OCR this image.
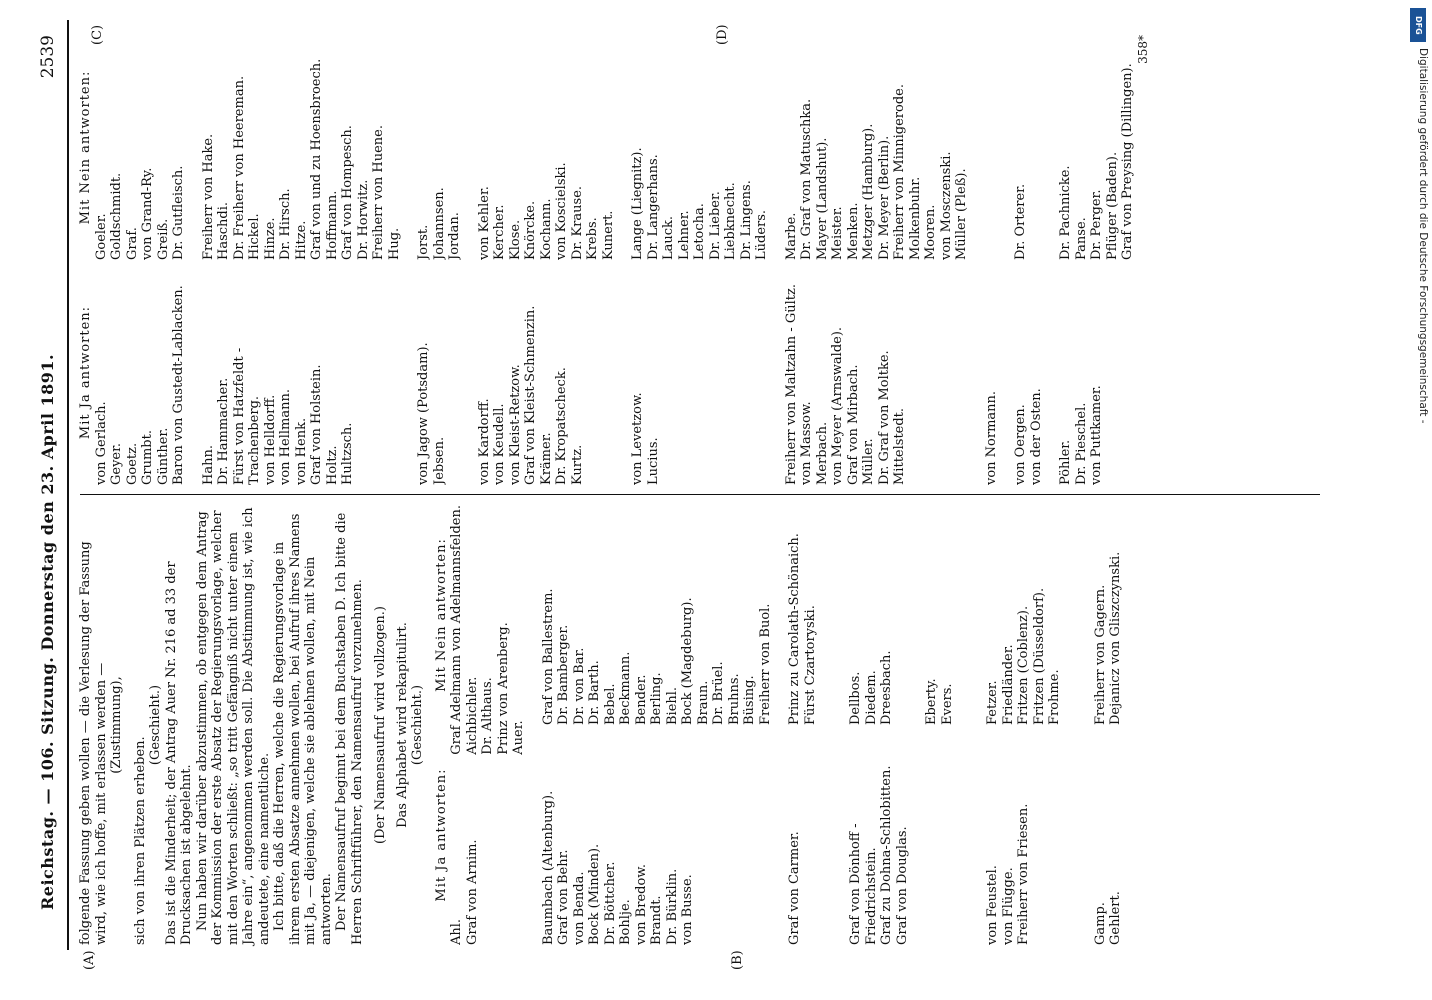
Reichstag. — 106. Sitzung. Donnerstag den 23. April 1891.
2539
(A)	(B)
(C)	(D)

folgende Fassung geben wollen — die Verlesung der Fassung wird, wie ich hoffe, mit erlassen werden — (Zustimmung),

sich von ihren Plätzen erheben.

(Geschieht.) Das ist die Minderheit; der Antrag Auer Nr. 216 ad 33 der Drucksachen ist abgelehnt. Nun haben wir darüber abzustimmen, ob entgegen dem Antrag der Kommission der erste Absatz der Regierungsvorlage, welcher mit den Worten schließt: „so tritt Gefängniß nicht unter einem Jahre ein“, angenommen werden soll. Die Abstimmung ist, wie ich andeutete, eine namentliche. Ich bitte, daß die Herren, welche die Regierungsvorlage in ihrem ersten Absatze annehmen wollen, bei Aufruf ihres Namens mit Ja, — diejenigen, welche sie ablehnen wollen, mit Nein antworten. Der Namensaufruf beginnt bei dem Buchstaben D. Ich bitte die Herren Schriftführer, den Namensaufruf vorzunehmen. (Der Namensaufruf wird vollzogen.) Das Alphabet wird rekapitulirt. (Geschieht.)

Mit Ja antworten:
Mit Nein antworten:
Ahl. Graf von Arnim.
Graf Adelmann von Adelmannsfelden. Aichbichler. Dr. Althaus. Prinz von Arenberg. Auer.
Baumbach (Altenburg). Graf von Behr. von Benda. Bock (Minden). Dr. Böttcher. Bohlje. von Bredow. Brandt. Dr. Bürklin. von Busse.
Graf von Ballestrem. Dr. Bamberger. Dr. von Bar. Dr. Barth. Bebel. Beckmann. Bender. Berling. Biehl. Bock (Magdeburg). Braun. Dr. Brüel. Bruhns. Büsing. Freiherr von Buol.
Graf von Carmer.
Prinz zu Carolath-Schönaich. Fürst Czartoryski.
Graf von Dönhoff - Friedrichstein. Graf zu Dohna-Schlobitten. Graf von Douglas.
Dellbos. Diedem. Dreesbach. Eberty. Evers.
von Feustel. von Flügge. Freiherr von Friesen.
Fetzer. Friedländer. Fritzen (Coblenz). Fritzen (Düsseldorf). Frohme.
Gamp. Gehlert.
Freiherr von Gagern. Dejanicz von Gliszczynski.
Mit Ja antworten:
Mit Nein antworten:
von Gerlach. Geyer. Goetz. Grumbt. Günther. Baron von Gustedt-Lablacken.
Goeler. Goldschmidt. Graf. von Grand-Ry. Greiß. Dr. Gutfleisch.
Hahn. Dr. Hammacher. Fürst von Hatzfeldt - Trachenberg. von Helldorff. von Hellmann. von Henk. Graf von Holstein. Holtz. Hultzsch.
Freiherr von Hake. Haschdi. Dr. Freiherr von Heereman. Hickel. Hinze. Dr. Hirsch. Hitze. Graf von und zu Hoensbroech. Hoffmann. Graf von Hompesch. Dr. Horwitz. Freiherr von Huene. Hug.
von Jagow (Potsdam). Jebsen.
Jorst. Johannsen. Jordan.
von Kardorff. von Keudell. von Kleist-Retzow. Graf von Kleist-Schmenzin. Krämer. Dr. Kropatscheck. Kurtz.
von Kehler. Kercher. Klose. Knörcke. Kochann. von Koscielski. Dr. Krause. Krebs. Kunert.
von Levetzow. Lucius.
Lange (Liegnitz). Dr. Langerhans. Lauck. Lehner. Letocha. Dr. Lieber. Liebknecht. Dr. Lingens. Lüders.
Freiherr von Maltzahn - Gültz. von Massow. Merbach. von Meyer (Arnswalde). Graf von Mirbach. Müller. Dr. Graf von Moltke. Mittelstedt.
Marbe. Dr. Graf von Matuschka. Mayer (Landshut). Meister. Menken. Metzger (Hamburg). Dr. Meyer (Berlin). Freiherr von Minnigerode. Molkenbuhr. Mooren. von Mosczenski. Müller (Pleß).
von Normann. von Oergen. von der Osten.
Dr. Orterer.
Pöhler. Dr. Pieschel. von Puttkamer.
Dr. Pachnicke. Panse. Dr. Perger. Pflüger (Baden). Graf von Preysing (Dillingen).
358*
DFG
Digitalisierung gefördert durch die Deutsche Forschungsgemeinschaft -
